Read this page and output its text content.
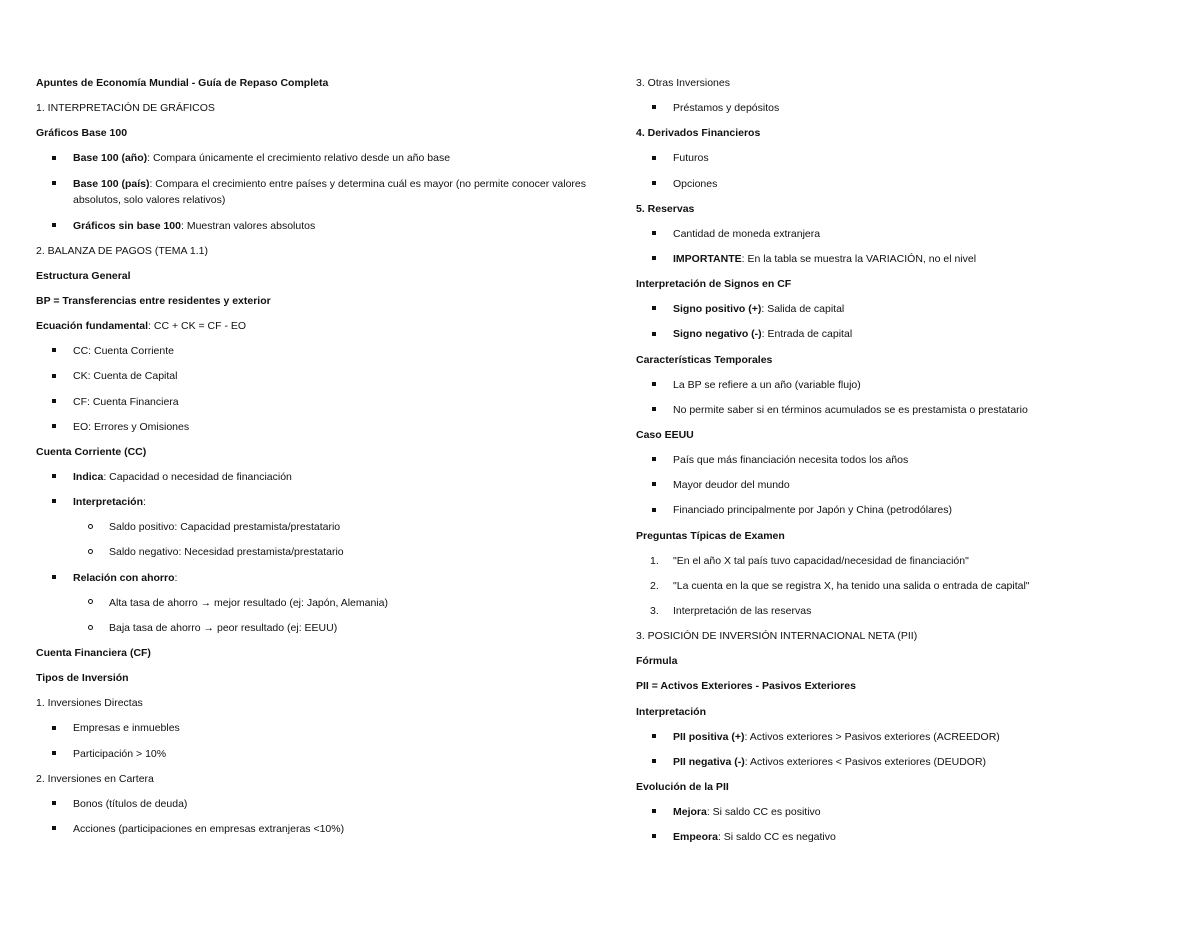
Apuntes de Economía Mundial - Guía de Repaso Completa
1. INTERPRETACIÓN DE GRÁFICOS
Gráficos Base 100
Base 100 (año): Compara únicamente el crecimiento relativo desde un año base
Base 100 (país): Compara el crecimiento entre países y determina cuál es mayor (no permite conocer valores absolutos, solo valores relativos)
Gráficos sin base 100: Muestran valores absolutos
2. BALANZA DE PAGOS (TEMA 1.1)
Estructura General
BP = Transferencias entre residentes y exterior
Ecuación fundamental: CC + CK = CF - EO
CC: Cuenta Corriente
CK: Cuenta de Capital
CF: Cuenta Financiera
EO: Errores y Omisiones
Cuenta Corriente (CC)
Indica: Capacidad o necesidad de financiación
Interpretación:
Saldo positivo: Capacidad prestamista/prestatario
Saldo negativo: Necesidad prestamista/prestatario
Relación con ahorro:
Alta tasa de ahorro → mejor resultado (ej: Japón, Alemania)
Baja tasa de ahorro → peor resultado (ej: EEUU)
Cuenta Financiera (CF)
Tipos de Inversión
1. Inversiones Directas
Empresas e inmuebles
Participación > 10%
2. Inversiones en Cartera
Bonos (títulos de deuda)
Acciones (participaciones en empresas extranjeras <10%)
3. Otras Inversiones
Préstamos y depósitos
4. Derivados Financieros
Futuros
Opciones
5. Reservas
Cantidad de moneda extranjera
IMPORTANTE: En la tabla se muestra la VARIACIÓN, no el nivel
Interpretación de Signos en CF
Signo positivo (+): Salida de capital
Signo negativo (-): Entrada de capital
Características Temporales
La BP se refiere a un año (variable flujo)
No permite saber si en términos acumulados se es prestamista o prestatario
Caso EEUU
País que más financiación necesita todos los años
Mayor deudor del mundo
Financiado principalmente por Japón y China (petrodólares)
Preguntas Típicas de Examen
1.	"En el año X tal país tuvo capacidad/necesidad de financiación"
2.	"La cuenta en la que se registra X, ha tenido una salida o entrada de capital"
3.	Interpretación de las reservas
3. POSICIÓN DE INVERSIÓN INTERNACIONAL NETA (PII)
Fórmula
PII = Activos Exteriores - Pasivos Exteriores
Interpretación
PII positiva (+): Activos exteriores > Pasivos exteriores (ACREEDOR)
PII negativa (-): Activos exteriores < Pasivos exteriores (DEUDOR)
Evolución de la PII
Mejora: Si saldo CC es positivo
Empeora: Si saldo CC es negativo
